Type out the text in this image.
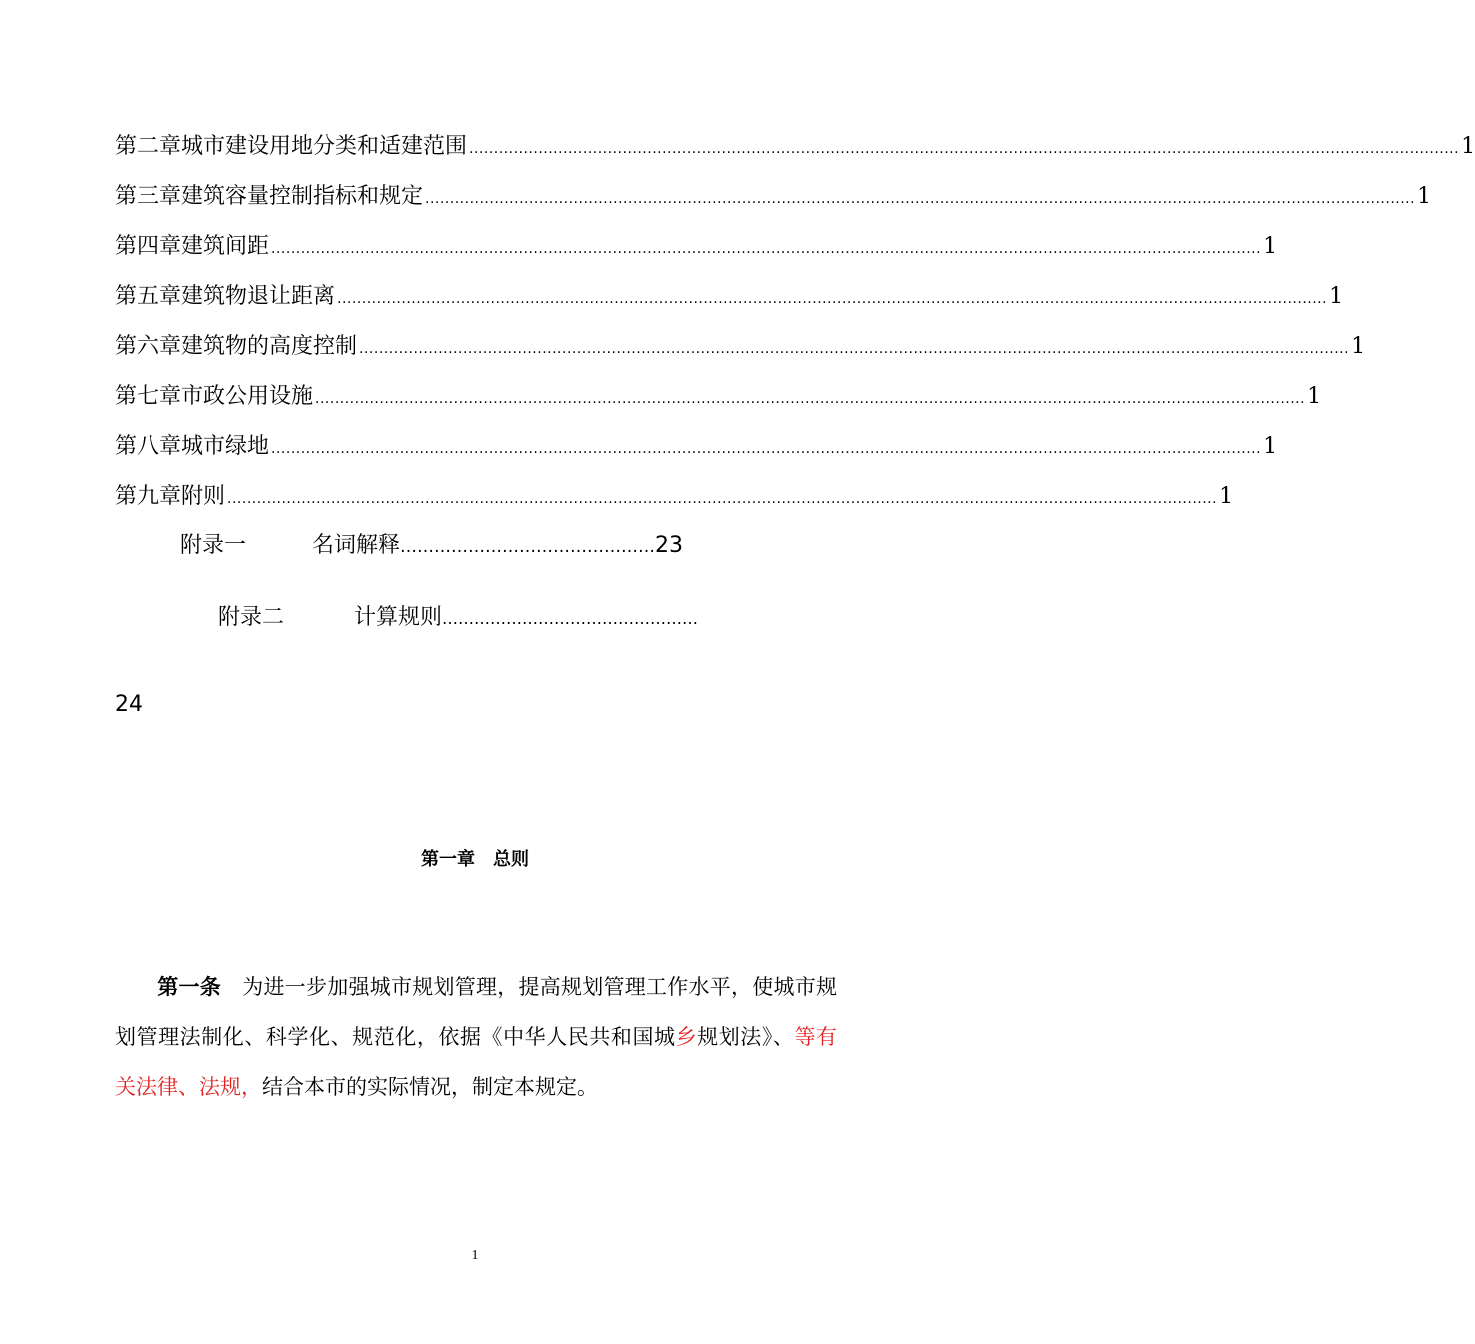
第二章 城市建设用地分类和适建范围 ........................................................................................................................................................................................................ 1
第三章 建筑容量控制指标和规定 ........................................................................................................................................................................................................ 1
第四章 建筑间距 ........................................................................................................................................................................................................ 1
第五章 建筑物退让距离 ........................................................................................................................................................................................................ 1
第六章 建筑物的高度控制 ........................................................................................................................................................................................................ 1
第七章 市政公用设施 ........................................................................................................................................................................................................ 1
第八章 城市绿地 ........................................................................................................................................................................................................ 1
第九章 附则 ........................................................................................................................................................................................................ 1
附录一	名词解释………………………………………23
附录二	计算规则…………………………………………
24
第一章　总则
第一条　为进一步加强城市规划管理，提高规划管理工作水平，使城市规划管理法制化、科学化、规范化，依据《中华人民共和国城乡规划法》、等有关法律、法规，结合本市的实际情况，制定本规定。
1
